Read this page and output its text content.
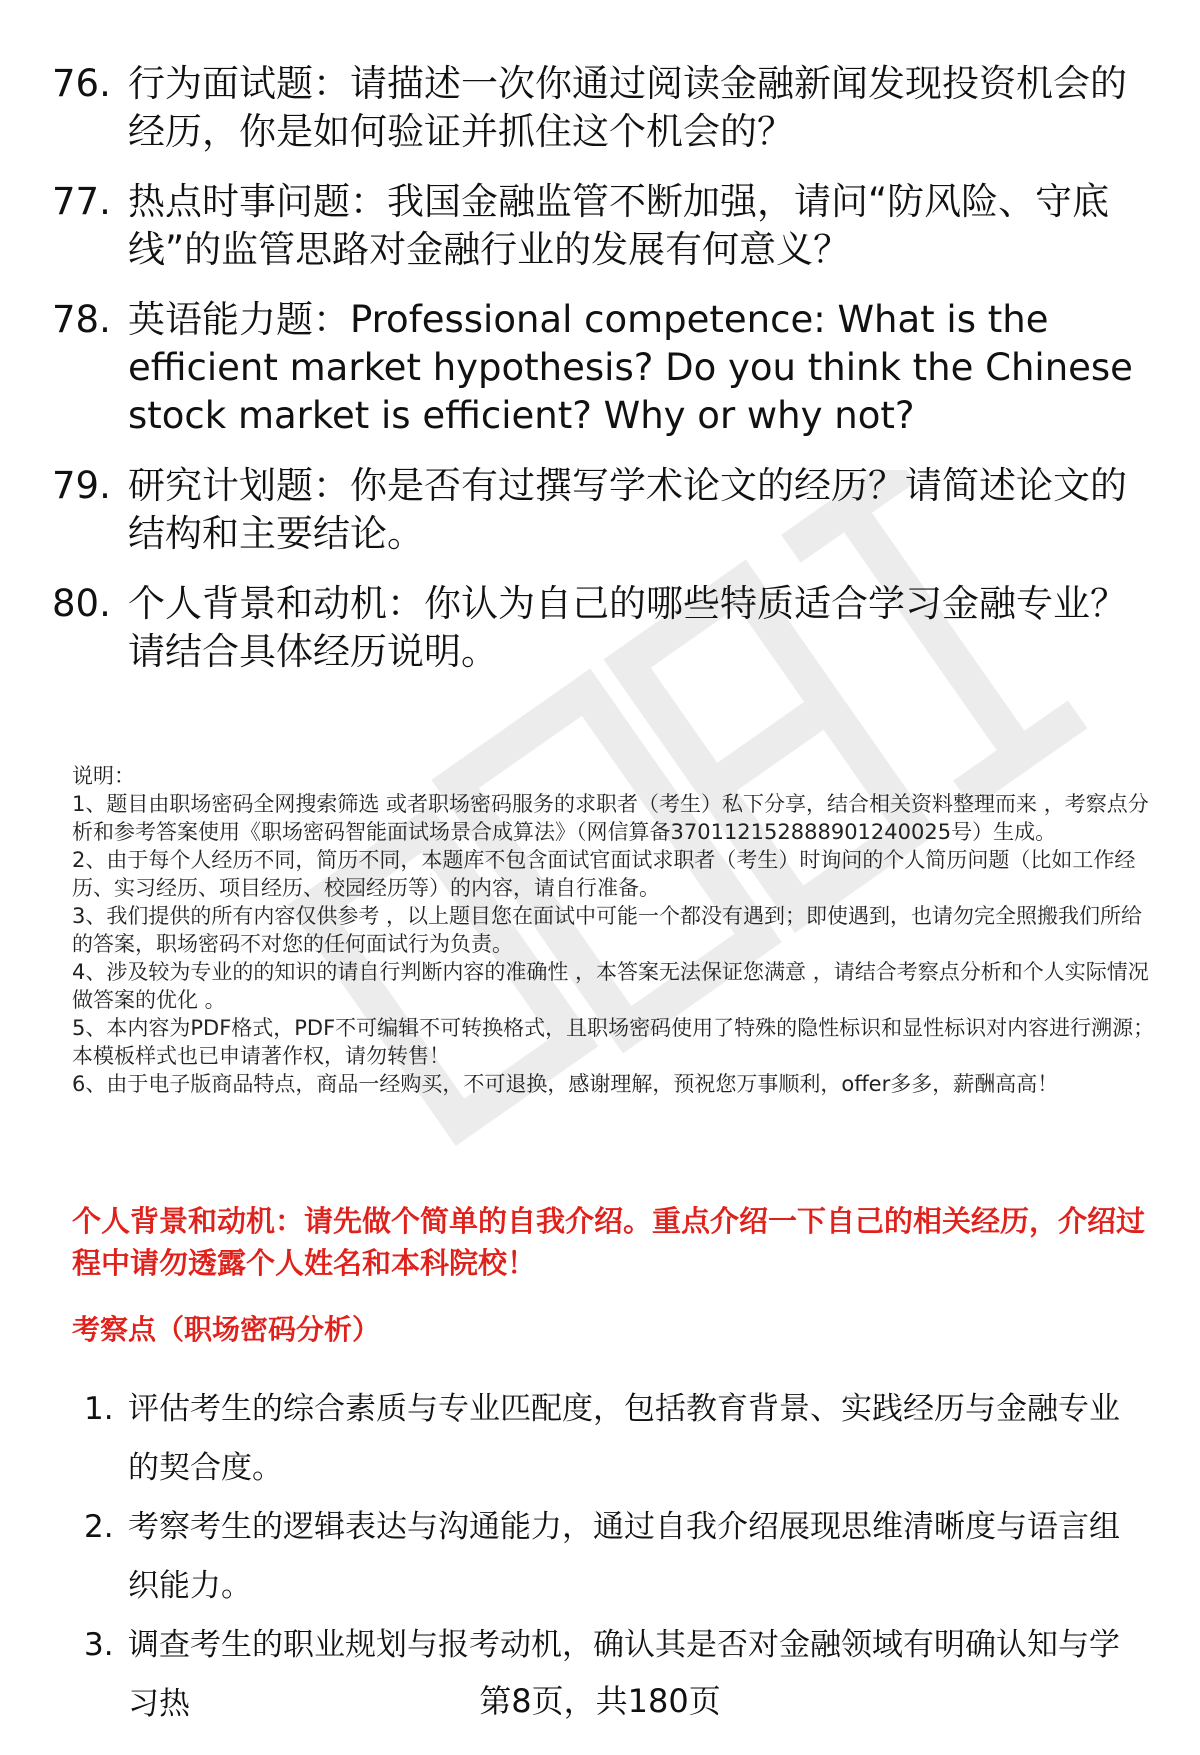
76. 行为面试题：请描述一次你通过阅读金融新闻发现投资机会的经历，你是如何验证并抓住这个机会的？
77. 热点时事问题：我国金融监管不断加强，请问“防风险、守底线”的监管思路对金融行业的发展有何意义？
78. 英语能力题：Professional competence: What is the efficient market hypothesis? Do you think the Chinese stock market is efficient? Why or why not?
79. 研究计划题：你是否有过撰写学术论文的经历？请简述论文的结构和主要结论。
80. 个人背景和动机：你认为自己的哪些特质适合学习金融专业？请结合具体经历说明。
说明：

1、题目由职场密码全网搜索筛选 或者职场密码服务的求职者（考生）私下分享，结合相关资料整理而来 ，考察点分析和参考答案使用《职场密码智能面试场景合成算法》（网信算备370112152888901240025号）生成。

2、由于每个人经历不同，简历不同，本题库不包含面试官面试求职者（考生）时询问的个人简历问题（比如工作经历、实习经历、项目经历、校园经历等）的内容，请自行准备。

3、我们提供的所有内容仅供参考 ，以上题目您在面试中可能一个都没有遇到；即使遇到，也请勿完全照搬我们所给的答案，职场密码不对您的任何面试行为负责。

4、涉及较为专业的的知识的请自行判断内容的准确性 ，本答案无法保证您满意 ，请结合考察点分析和个人实际情况做答案的优化 。

5、本内容为PDF格式，PDF不可编辑不可转换格式，且职场密码使用了特殊的隐性标识和显性标识对内容进行溯源；本模板样式也已申请著作权，请勿转售！

6、由于电子版商品特点，商品一经购买，不可退换，感谢理解，预祝您万事顺利，offer多多，薪酬高高！

个人背景和动机：请先做个简单的自我介绍。重点介绍一下自己的相关经历，介绍过程中请勿透露个人姓名和本科院校！
考察点（职场密码分析）
1. 评估考生的综合素质与专业匹配度，包括教育背景、实践经历与金融专业的契合度。
2. 考察考生的逻辑表达与沟通能力，通过自我介绍展现思维清晰度与语言组织能力。
3. 调查考生的职业规划与报考动机，确认其是否对金融领域有明确认知与学习热	第8页，共180页
